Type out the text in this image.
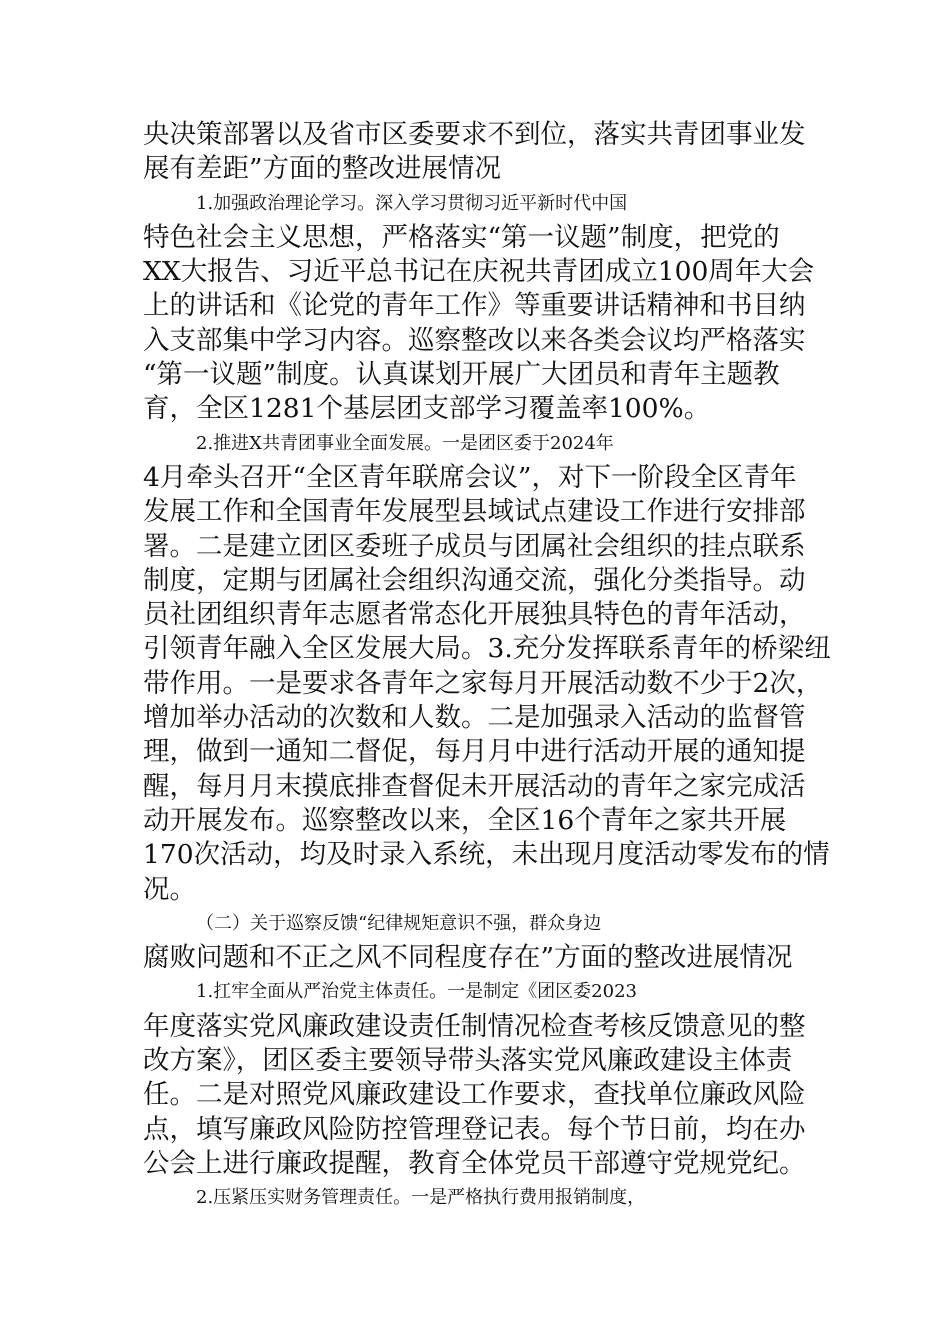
央决策部署以及省市区委要求不到位，落实共青团事业发
展有差距”方面的整改进展情况
1.加强政治理论学习。深入学习贯彻习近平新时代中国
特色社会主义思想，严格落实“第一议题”制度，把党的
XX大报告、习近平总书记在庆祝共青团成立100周年大会
上的讲话和《论党的青年工作》等重要讲话精神和书目纳
入支部集中学习内容。巡察整改以来各类会议均严格落实
“第一议题”制度。认真谋划开展广大团员和青年主题教
育，全区1281个基层团支部学习覆盖率100%。
2.推进X共青团事业全面发展。一是团区委于2024年
4月牵头召开“全区青年联席会议”，对下一阶段全区青年
发展工作和全国青年发展型县域试点建设工作进行安排部
署。二是建立团区委班子成员与团属社会组织的挂点联系
制度，定期与团属社会组织沟通交流，强化分类指导。动
员社团组织青年志愿者常态化开展独具特色的青年活动，
引领青年融入全区发展大局。3.充分发挥联系青年的桥梁纽
带作用。一是要求各青年之家每月开展活动数不少于2次，
增加举办活动的次数和人数。二是加强录入活动的监督管
理，做到一通知二督促，每月月中进行活动开展的通知提
醒，每月月末摸底排查督促未开展活动的青年之家完成活
动开展发布。巡察整改以来，全区16个青年之家共开展
170次活动，均及时录入系统，未出现月度活动零发布的情
况。
（二）关于巡察反馈“纪律规矩意识不强，群众身边
腐败问题和不正之风不同程度存在”方面的整改进展情况
1.扛牢全面从严治党主体责任。一是制定《团区委2023
年度落实党风廉政建设责任制情况检查考核反馈意见的整
改方案》，团区委主要领导带头落实党风廉政建设主体责
任。二是对照党风廉政建设工作要求，查找单位廉政风险
点，填写廉政风险防控管理登记表。每个节日前，均在办
公会上进行廉政提醒，教育全体党员干部遵守党规党纪。
2.压紧压实财务管理责任。一是严格执行费用报销制度，
